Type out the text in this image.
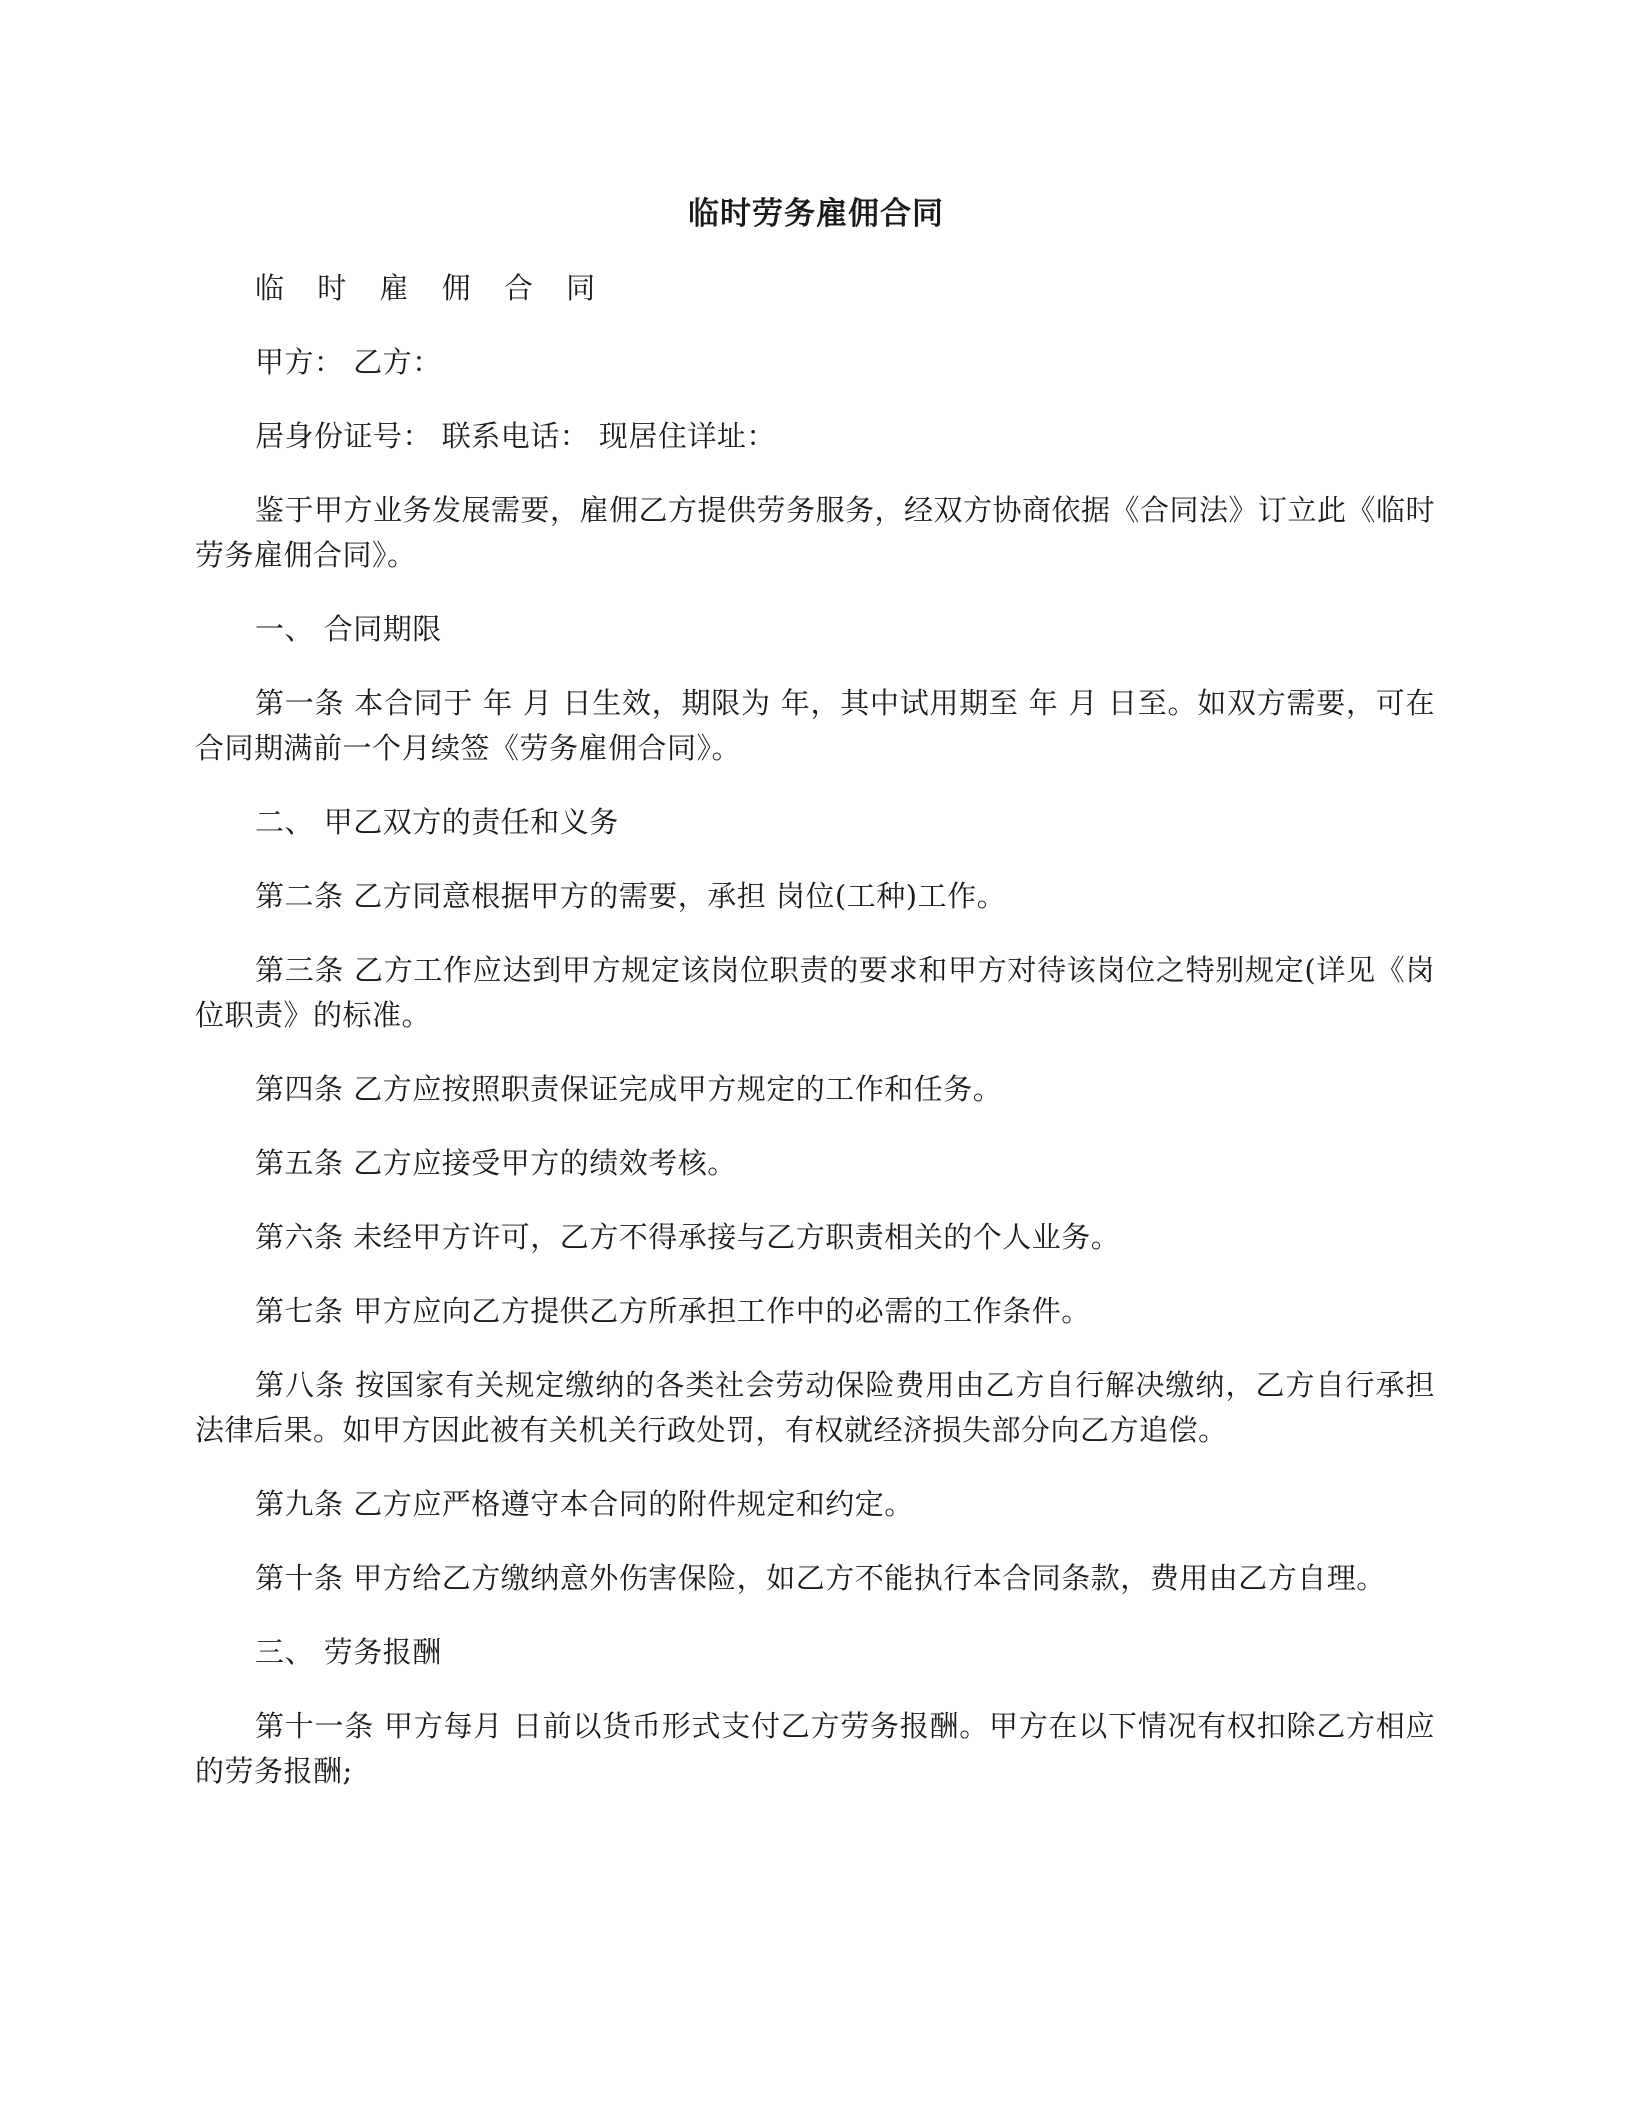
临时劳务雇佣合同

临 时 雇 佣 合 同

甲方： 乙方：

居身份证号： 联系电话： 现居住详址：

鉴于甲方业务发展需要，雇佣乙方提供劳务服务，经双方协商依据《合同法》订立此《临时劳务雇佣合同》。

一、 合同期限

第一条 本合同于 年 月 日生效，期限为 年，其中试用期至 年 月 日至。如双方需要，可在合同期满前一个月续签《劳务雇佣合同》。

二、 甲乙双方的责任和义务

第二条 乙方同意根据甲方的需要，承担 岗位(工种)工作。

第三条 乙方工作应达到甲方规定该岗位职责的要求和甲方对待该岗位之特别规定(详见《岗位职责》的标准。

第四条 乙方应按照职责保证完成甲方规定的工作和任务。

第五条 乙方应接受甲方的绩效考核。

第六条 未经甲方许可，乙方不得承接与乙方职责相关的个人业务。

第七条 甲方应向乙方提供乙方所承担工作中的必需的工作条件。

第八条 按国家有关规定缴纳的各类社会劳动保险费用由乙方自行解决缴纳，乙方自行承担法律后果。如甲方因此被有关机关行政处罚，有权就经济损失部分向乙方追偿。

第九条 乙方应严格遵守本合同的附件规定和约定。

第十条 甲方给乙方缴纳意外伤害保险，如乙方不能执行本合同条款，费用由乙方自理。

三、 劳务报酬

第十一条 甲方每月 日前以货币形式支付乙方劳务报酬。甲方在以下情况有权扣除乙方相应的劳务报酬;
